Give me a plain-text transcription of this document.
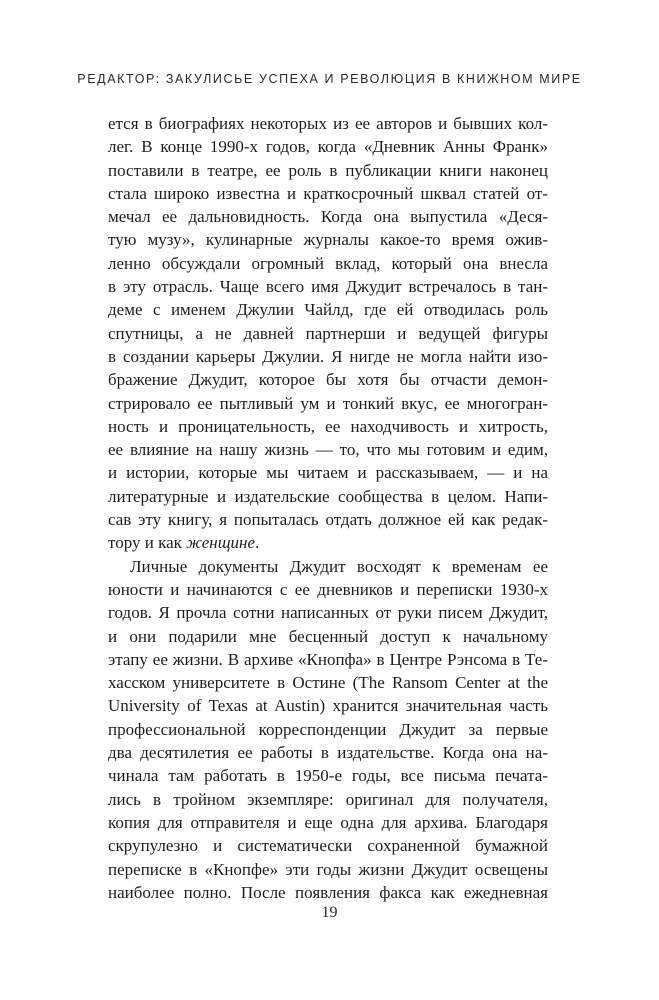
РЕДАКТОР: ЗАКУЛИСЬЕ УСПЕХА И РЕВОЛЮЦИЯ В КНИЖНОМ МИРЕ
ется в биографиях некоторых из ее авторов и бывших кол-
лег. В конце 1990-х годов, когда «Дневник Анны Франк»
поставили в театре, ее роль в публикации книги наконец
стала широко известна и краткосрочный шквал статей от-
мечал ее дальновидность. Когда она выпустила «Деся-
тую музу», кулинарные журналы какое-то время ожив-
ленно обсуждали огромный вклад, который она внесла
в эту отрасль. Чаще всего имя Джудит встречалось в тан-
деме с именем Джулии Чайлд, где ей отводилась роль
спутницы, а не давней партнерши и ведущей фигуры
в создании карьеры Джулии. Я нигде не могла найти изо-
бражение Джудит, которое бы хотя бы отчасти демон-
стрировало ее пытливый ум и тонкий вкус, ее многогран-
ность и проницательность, ее находчивость и хитрость,
ее влияние на нашу жизнь — то, что мы готовим и едим,
и истории, которые мы читаем и рассказываем, — и на
литературные и издательские сообщества в целом. Напи-
сав эту книгу, я попыталась отдать должное ей как редак-
тору и как женщине.
Личные документы Джудит восходят к временам ее
юности и начинаются с ее дневников и переписки 1930-х
годов. Я прочла сотни написанных от руки писем Джудит,
и они подарили мне бесценный доступ к начальному
этапу ее жизни. В архиве «Кнопфа» в Центре Рэнсома в Те-
хасском университете в Остине (The Ransom Center at the
University of Texas at Austin) хранится значительная часть
профессиональной корреспонденции Джудит за первые
два десятилетия ее работы в издательстве. Когда она на-
чинала там работать в 1950-е годы, все письма печата-
лись в тройном экземпляре: оригинал для получателя,
копия для отправителя и еще одна для архива. Благодаря
скрупулезно и систематически сохраненной бумажной
переписке в «Кнопфе» эти годы жизни Джудит освещены
наиболее полно. После появления факса как ежедневная
19
